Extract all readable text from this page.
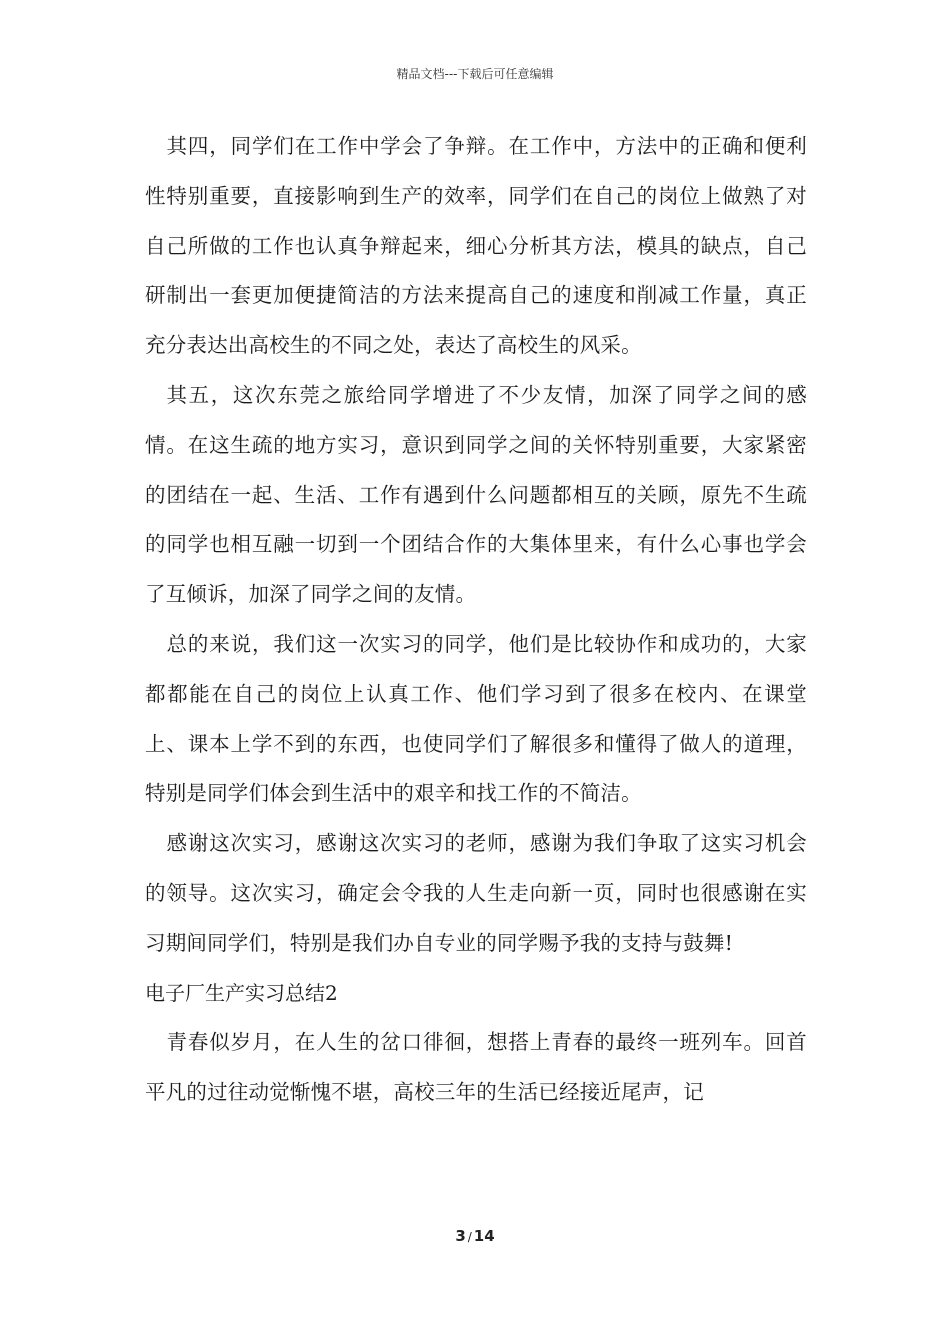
精品文档---下载后可任意编辑

其四，同学们在工作中学会了争辩。在工作中，方法中的正确和便利性特别重要，直接影响到生产的效率，同学们在自己的岗位上做熟了对自己所做的工作也认真争辩起来，细心分析其方法，模具的缺点，自己研制出一套更加便捷简洁的方法来提高自己的速度和削减工作量，真正充分表达出高校生的不同之处，表达了高校生的风采。

其五，这次东莞之旅给同学增进了不少友情，加深了同学之间的感情。在这生疏的地方实习，意识到同学之间的关怀特别重要，大家紧密的团结在一起、生活、工作有遇到什么问题都相互的关顾，原先不生疏的同学也相互融一切到一个团结合作的大集体里来，有什么心事也学会了互倾诉，加深了同学之间的友情。

总的来说，我们这一次实习的同学，他们是比较协作和成功的，大家都都能在自己的岗位上认真工作、他们学习到了很多在校内、在课堂上、课本上学不到的东西，也使同学们了解很多和懂得了做人的道理，特别是同学们体会到生活中的艰辛和找工作的不简洁。

感谢这次实习，感谢这次实习的老师，感谢为我们争取了这实习机会的领导。这次实习，确定会令我的人生走向新一页，同时也很感谢在实习期间同学们，特别是我们办自专业的同学赐予我的支持与鼓舞!

电子厂生产实习总结2

青春似岁月，在人生的岔口徘徊，想搭上青春的最终一班列车。回首平凡的过往动觉惭愧不堪，高校三年的生活已经接近尾声，记

3 / 14
